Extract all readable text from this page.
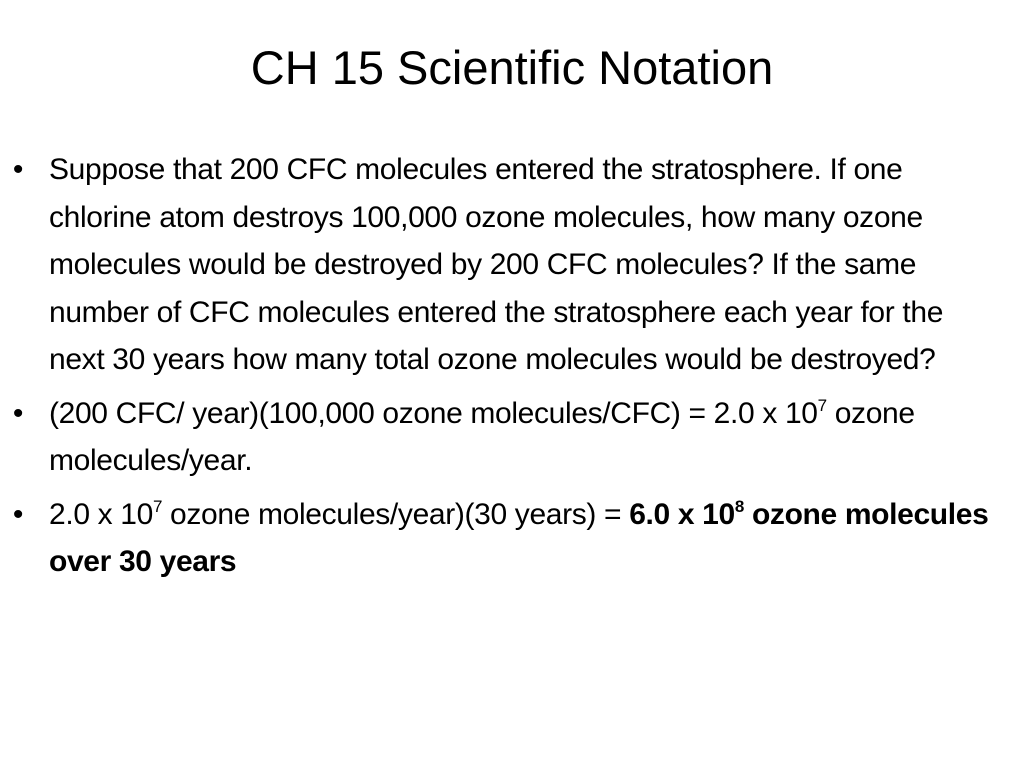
CH 15 Scientific Notation
• Suppose that 200 CFC molecules entered the stratosphere. If one chlorine atom destroys 100,000 ozone molecules, how many ozone molecules would be destroyed by 200 CFC molecules? If the same number of CFC molecules entered the stratosphere each year for the next 30 years how many total ozone molecules would be destroyed?
• (200 CFC/ year)(100,000 ozone molecules/CFC) = 2.0 x $10^7$ ozone molecules/year.
• 2.0 x $10^7$ ozone molecules/year)(30 years) = 6.0 x $10^8$ ozone molecules over 30 years
